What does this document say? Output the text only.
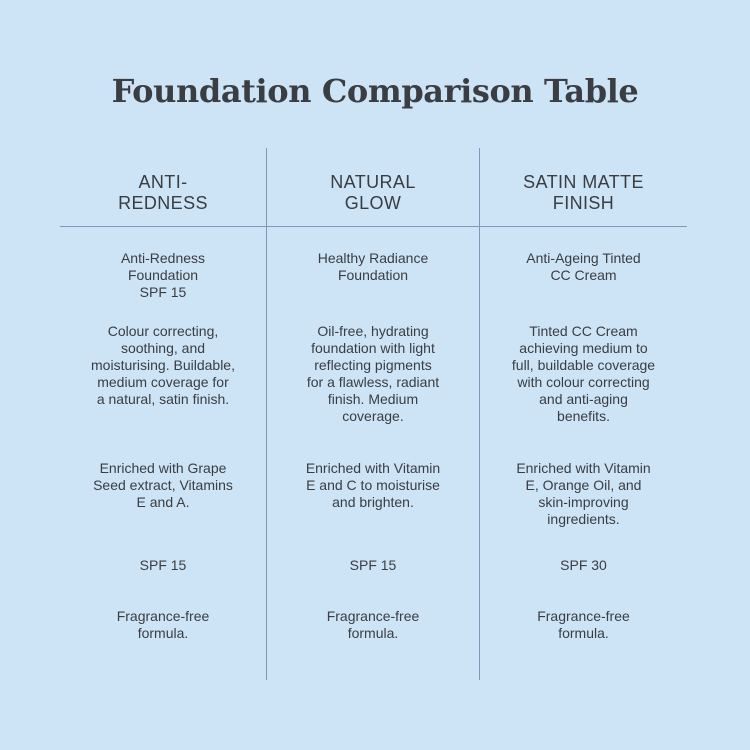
Foundation Comparison Table
ANTI-
REDNESS
Anti-Redness
Foundation
SPF 15
Colour correcting,
soothing, and
moisturising. Buildable,
medium coverage for
a natural, satin finish.
Enriched with Grape
Seed extract, Vitamins
E and A.
SPF 15
Fragrance-free
formula.
NATURAL
GLOW
Healthy Radiance
Foundation
Oil-free, hydrating
foundation with light
reflecting pigments
for a flawless, radiant
finish. Medium
coverage.
Enriched with Vitamin
E and C to moisturise
and brighten.
SPF 15
Fragrance-free
formula.
SATIN MATTE
FINISH
Anti-Ageing Tinted
CC Cream
Tinted CC Cream
achieving medium to
full, buildable coverage
with colour correcting
and anti-aging
benefits.
Enriched with Vitamin
E, Orange Oil, and
skin-improving
ingredients.
SPF 30
Fragrance-free
formula.
